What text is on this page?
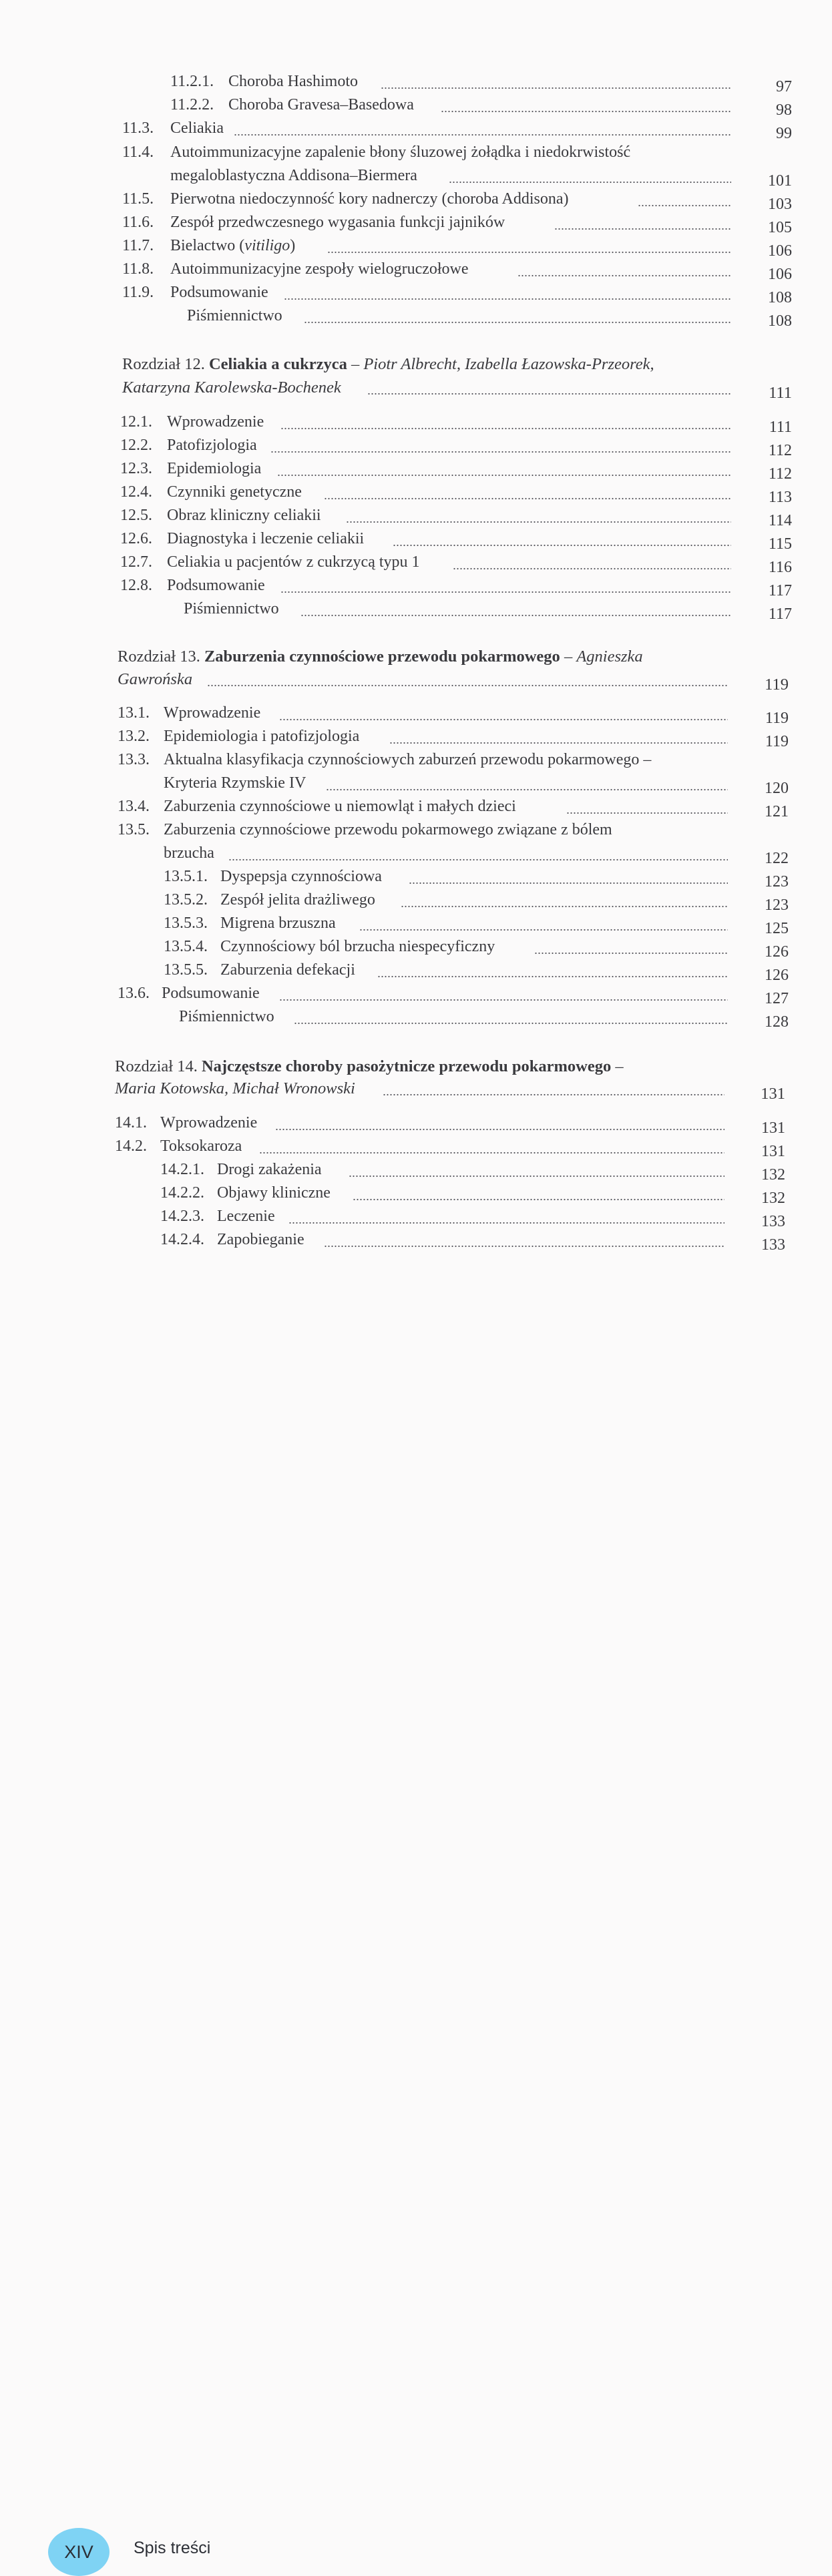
11.2.1. Choroba Hashimoto	97
11.2.2. Choroba Gravesa–Basedowa	98
11.3. Celiakia	99
11.4. Autoimmunizacyjne zapalenie błony śluzowej żołądka i niedokrwistość
megaloblastyczna Addisona–Biermera	101
11.5. Pierwotna niedoczynność kory nadnerczy (choroba Addisona)	103
11.6. Zespół przedwczesnego wygasania funkcji jajników	105
11.7. Bielactwo (vitiligo)	106
11.8. Autoimmunizacyjne zespoły wielogruczołowe	106
11.9. Podsumowanie	108
Piśmiennictwo	108
Rozdział 12. Celiakia a cukrzyca – Piotr Albrecht, Izabella Łazowska-Przeorek,
Katarzyna Karolewska-Bochenek	111
12.1. Wprowadzenie	111
12.2. Patofizjologia	112
12.3. Epidemiologia	112
12.4. Czynniki genetyczne	113
12.5. Obraz kliniczny celiakii	114
12.6. Diagnostyka i leczenie celiakii	115
12.7. Celiakia u pacjentów z cukrzycą typu 1	116
12.8. Podsumowanie	117
Piśmiennictwo	117
Rozdział 13. Zaburzenia czynnościowe przewodu pokarmowego – Agnieszka
Gawrońska	119
13.1. Wprowadzenie	119
13.2. Epidemiologia i patofizjologia	119
13.3. Aktualna klasyfikacja czynnościowych zaburzeń przewodu pokarmowego –
Kryteria Rzymskie IV	120
13.4. Zaburzenia czynnościowe u niemowląt i małych dzieci	121
13.5. Zaburzenia czynnościowe przewodu pokarmowego związane z bólem
brzucha	122
13.5.1. Dyspepsja czynnościowa	123
13.5.2. Zespół jelita drażliwego	123
13.5.3. Migrena brzuszna	125
13.5.4. Czynnościowy ból brzucha niespecyficzny	126
13.5.5. Zaburzenia defekacji	126
13.6. Podsumowanie	127
Piśmiennictwo	128
Rozdział 14. Najczęstsze choroby pasożytnicze przewodu pokarmowego –
Maria Kotowska, Michał Wronowski	131
14.1. Wprowadzenie	131
14.2. Toksokaroza	131
14.2.1. Drogi zakażenia	132
14.2.2. Objawy kliniczne	132
14.2.3. Leczenie	133
14.2.4. Zapobieganie	133
XIV	Spis treści
